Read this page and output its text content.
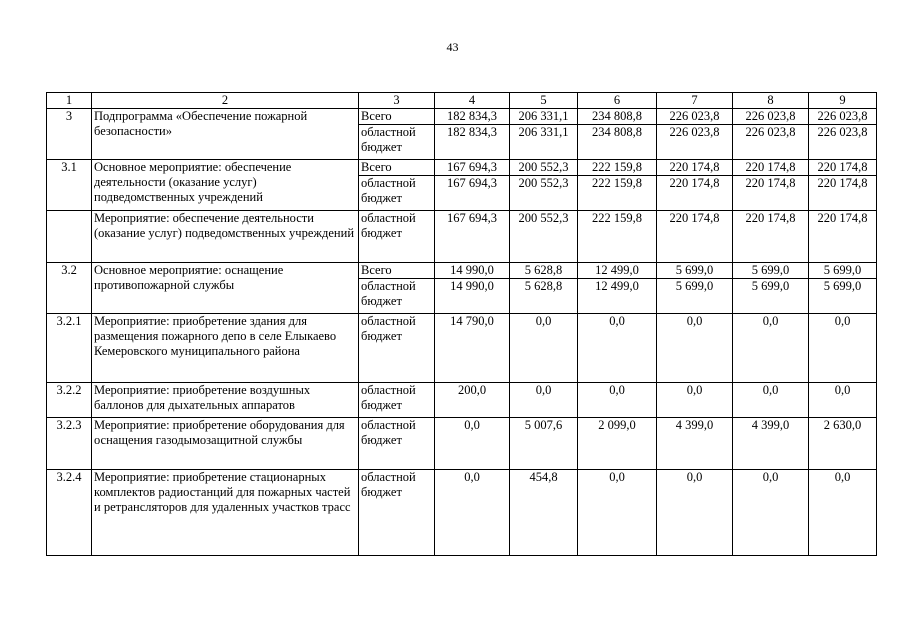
43
1	2	3	4	5	6	7	8	9
3	Подпрограмма «Обеспечение пожарной безопасности»	Всего	182 834,3	206 331,1	234 808,8	226 023,8	226 023,8	226 023,8
		областной бюджет	182 834,3	206 331,1	234 808,8	226 023,8	226 023,8	226 023,8
3.1	Основное мероприятие: обеспечение деятельности (оказание услуг) подведомственных учреждений	Всего	167 694,3	200 552,3	222 159,8	220 174,8	220 174,8	220 174,8
		областной бюджет	167 694,3	200 552,3	222 159,8	220 174,8	220 174,8	220 174,8
	Мероприятие: обеспечение деятельности (оказание услуг) подведомственных учреждений	областной бюджет	167 694,3	200 552,3	222 159,8	220 174,8	220 174,8	220 174,8
3.2	Основное мероприятие: оснащение противопожарной службы	Всего	14 990,0	5 628,8	12 499,0	5 699,0	5 699,0	5 699,0
		областной бюджет	14 990,0	5 628,8	12 499,0	5 699,0	5 699,0	5 699,0
3.2.1	Мероприятие: приобретение здания для размещения пожарного депо в селе Елыкаево Кемеровского муниципального района	областной бюджет	14 790,0	0,0	0,0	0,0	0,0	0,0
3.2.2	Мероприятие: приобретение воздушных баллонов для дыхательных аппаратов	областной бюджет	200,0	0,0	0,0	0,0	0,0	0,0
3.2.3	Мероприятие: приобретение оборудования для оснащения газодымозащитной службы	областной бюджет	0,0	5 007,6	2 099,0	4 399,0	4 399,0	2 630,0
3.2.4	Мероприятие: приобретение стационарных комплектов радиостанций для пожарных частей и ретрансляторов для удаленных участков трасс	областной бюджет	0,0	454,8	0,0	0,0	0,0	0,0
